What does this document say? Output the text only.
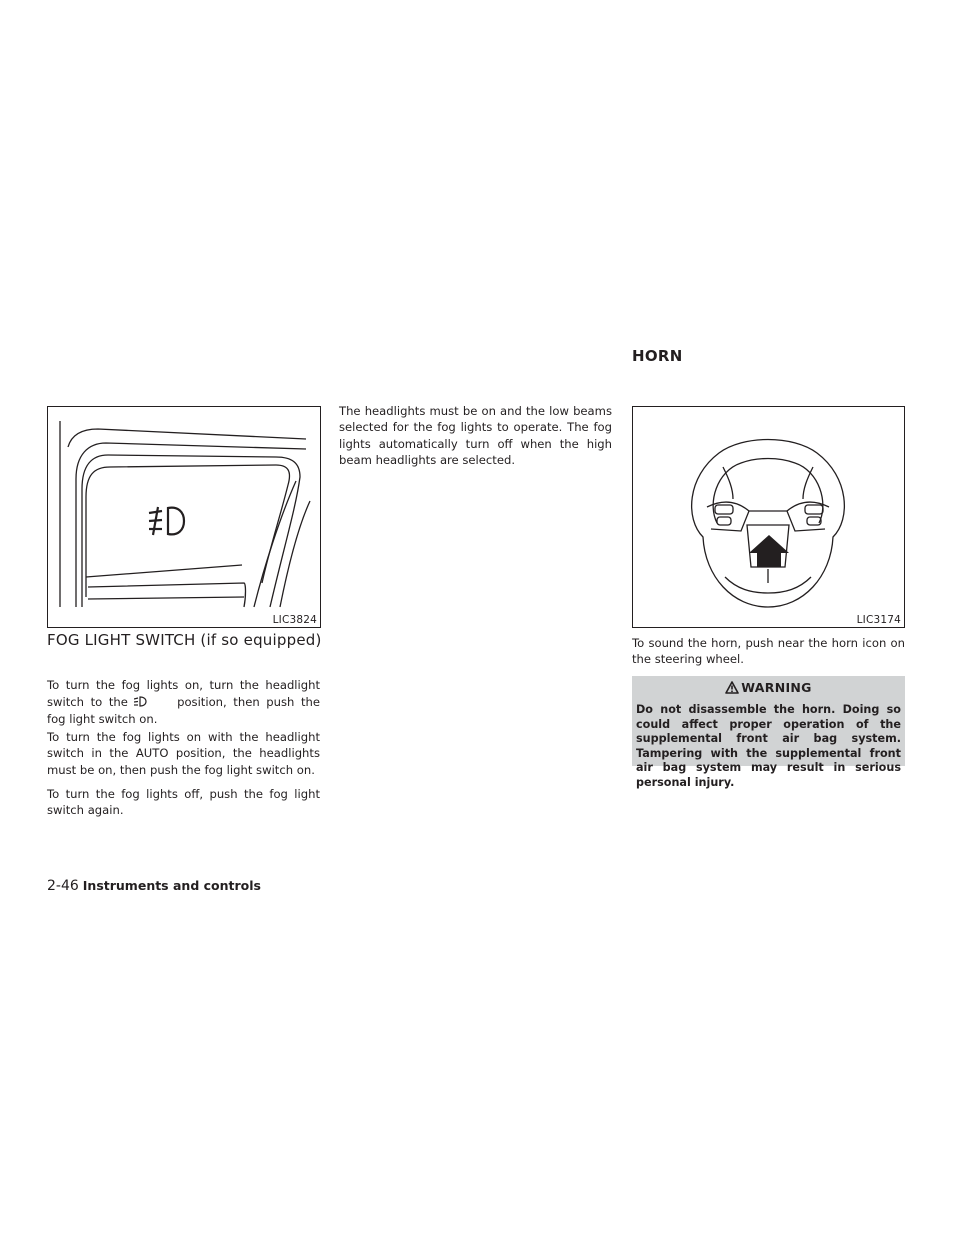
HORN
LIC3824
FOG LIGHT SWITCH (if so equipped)

To turn the fog lights on, turn the headlight switch to the	position, then push the fog light switch on.

To turn the fog lights on with the headlight switch in the AUTO position, the headlights must be on, then push the fog light switch on.

To turn the fog lights off, push the fog light switch again.

The headlights must be on and the low beams selected for the fog lights to operate. The fog lights automatically turn off when the high beam headlights are selected.

LIC3174

To sound the horn, push near the horn icon on the steering wheel.

WARNING

Do not disassemble the horn. Doing so could affect proper operation of the supplemental front air bag system. Tampering with the supplemental front air bag system may result in serious personal injury.

2-46 Instruments and controls
